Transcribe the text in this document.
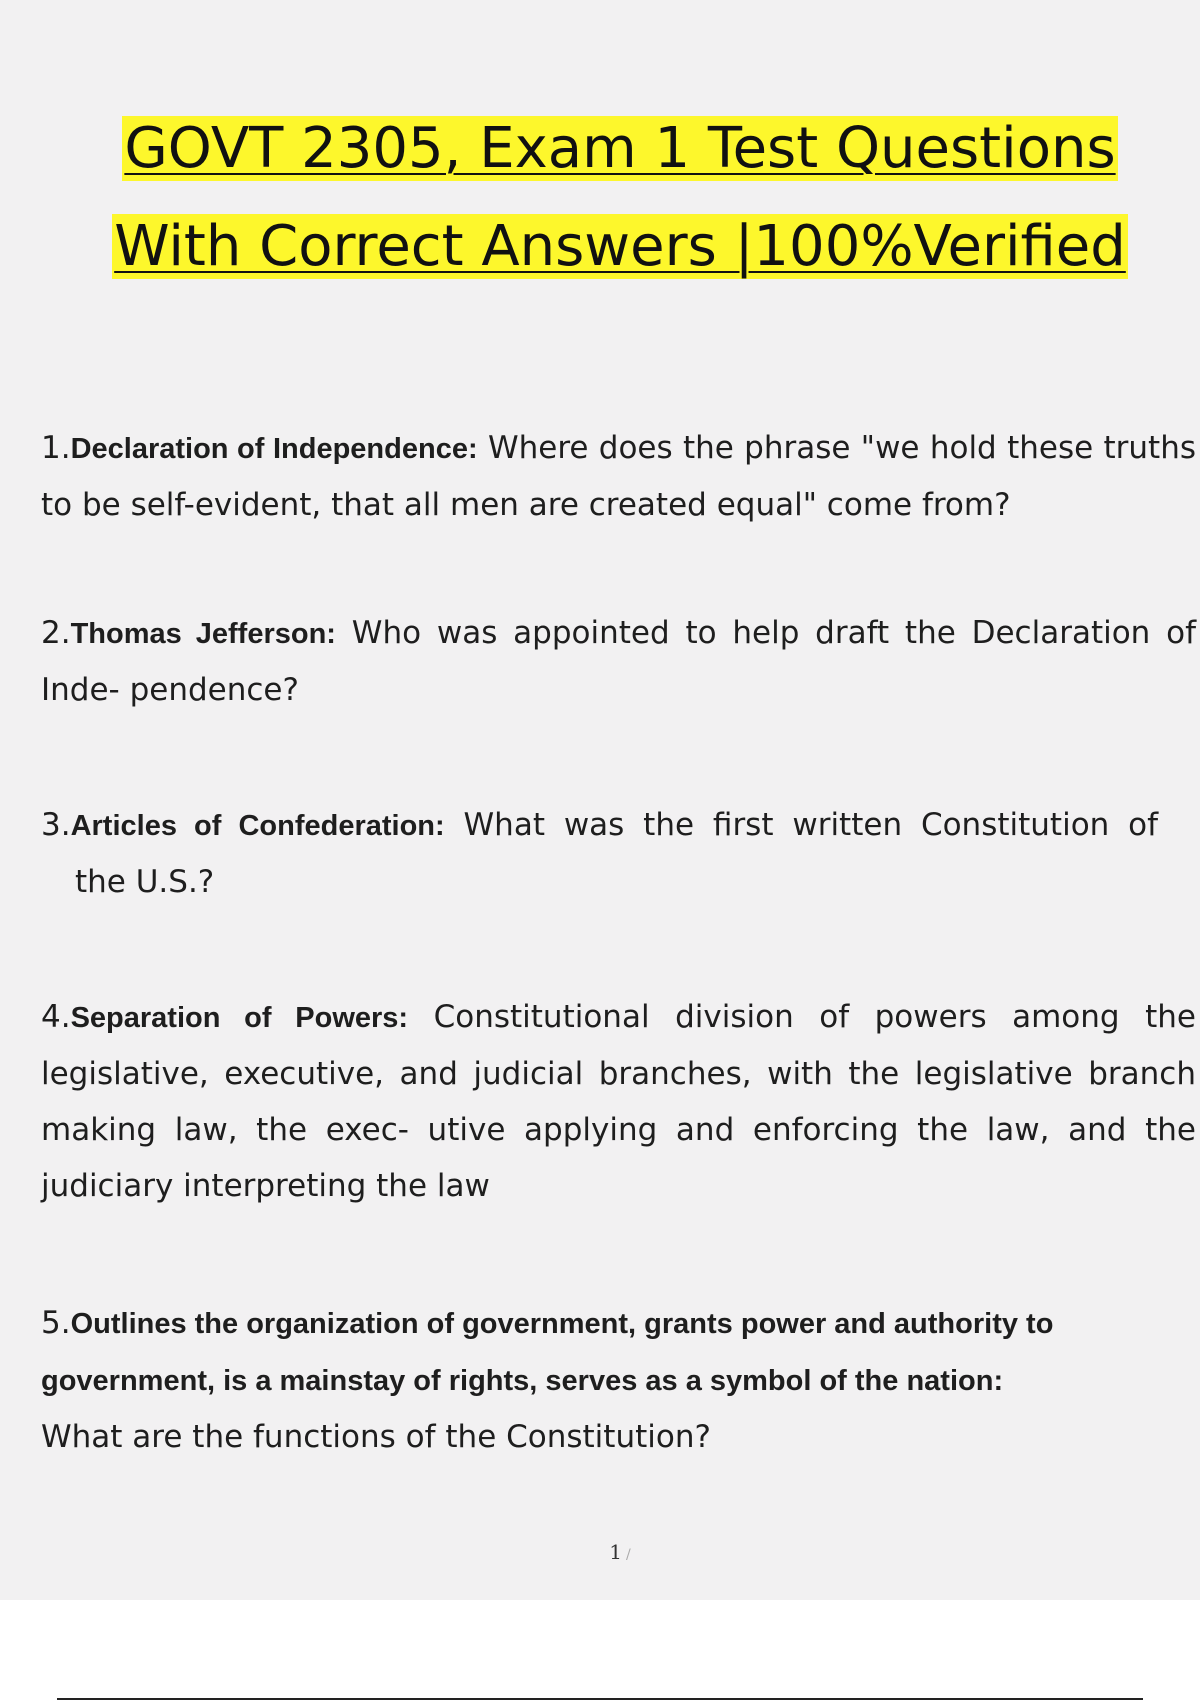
GOVT 2305, Exam 1 Test Questions
With Correct Answers |100%Verified

1.Declaration of Independence: Where does the phrase "we hold these truths to be self-evident, that all men are created equal" come from?

2.Thomas Jefferson: Who was appointed to help draft the Declaration of Inde- pendence?

3.Articles of Confederation: What was the first written Constitution of
the U.S.?

4.Separation of Powers: Constitutional division of powers among the legislative, executive, and judicial branches, with the legislative branch making law, the exec- utive applying and enforcing the law, and the judiciary interpreting the law

5.Outlines the organization of government, grants power and authority to government, is a mainstay of rights, serves as a symbol of the nation:
What are the functions of the Constitution?
1 /
